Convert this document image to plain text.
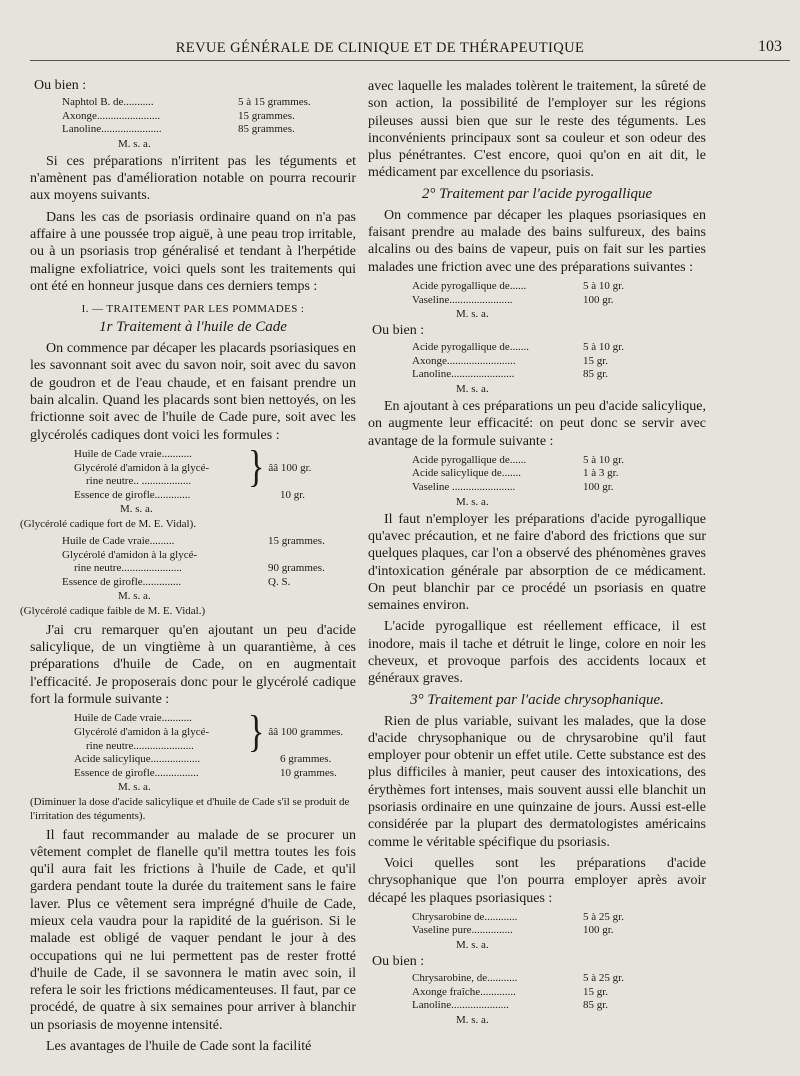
REVUE GÉNÉRALE DE CLINIQUE ET DE THÉRAPEUTIQUE	103
Ou bien :
Naphtol B. de...........	5 à 15 grammes.
Axonge.......................	15 grammes.
Lanoline......................	85 grammes.
M. s. a.

Si ces préparations n'irritent pas les téguments et n'amènent pas d'amélioration notable on pourra recourir aux moyens suivants.

Dans les cas de psoriasis ordinaire quand on n'a pas affaire à une poussée trop aiguë, à une peau trop irritable, ou à un psoriasis trop généralisé et tendant à l'herpétide maligne exfoliatrice, voici quels sont les traitements qui ont été en honneur jusque dans ces derniers temps :

I. — TRAITEMENT PAR LES POMMADES :
1r Traitement à l'huile de Cade

On commence par décaper les placards psoriasiques en les savonnant soit avec du savon noir, soit avec du savon de goudron et de l'eau chaude, et en faisant prendre un bain alcalin. Quand les placards sont bien nettoyés, on les frictionne soit avec de l'huile de Cade pure, soit avec les glycérolés cadiques dont voici les formules :

Huile de Cade vraie...........
Glycérolé d'amidon à la glycé-
rine neutre.. ..................	} ââ 100 gr.
Essence de girofle.............	10 gr.
M. s. a.
(Glycérolé cadique fort de M. E. Vidal).
Huile de Cade vraie.........	15 grammes.
Glycérolé d'amidon à la glycé-
rine neutre......................	90 grammes.
Essence de girofle..............	Q. S.
M. s. a.
(Glycérolé cadique faible de M. E. Vidal.)

J'ai cru remarquer qu'en ajoutant un peu d'acide salicylique, de un vingtième à un quarantième, à ces préparations d'huile de Cade, on en augmentait l'efficacité. Je proposerais donc pour le glycérolé cadique fort la formule suivante :

Huile de Cade vraie...........
Glycérolé d'amidon à la glycé-
rine neutre......................	} ââ 100 grammes.
Acide salicylique..................	6 grammes.
Essence de girofle................	10 grammes.
M. s. a.
(Diminuer la dose d'acide salicylique et d'huile de Cade s'il se produit de l'irritation des téguments).

Il faut recommander au malade de se procurer un vêtement complet de flanelle qu'il mettra toutes les fois qu'il aura fait les frictions à l'huile de Cade, et qu'il gardera pendant toute la durée du traitement sans le faire laver. Plus ce vêtement sera imprégné d'huile de Cade, mieux cela vaudra pour la rapidité de la guérison. Si le malade est obligé de vaquer pendant le jour à des occupations qui ne lui permettent pas de rester frotté d'huile de Cade, il se savonnera le matin avec soin, il refera le soir les frictions médicamenteuses. Il faut, par ce procédé, de quatre à six semaines pour arriver à blanchir un psoriasis de moyenne intensité.

Les avantages de l'huile de Cade sont la facilité

avec laquelle les malades tolèrent le traitement, la sûreté de son action, la possibilité de l'employer sur les régions pileuses aussi bien que sur le reste des téguments. Les inconvénients principaux sont sa couleur et son odeur des plus pénétrantes. C'est encore, quoi qu'on en ait dit, le médicament par excellence du psoriasis.

2° Traitement par l'acide pyrogallique

On commence par décaper les plaques psoriasiques en faisant prendre au malade des bains sulfureux, des bains alcalins ou des bains de vapeur, puis on fait sur les parties malades une friction avec une des préparations suivantes :

Acide pyrogallique de......	5 à 10 gr.
Vaseline.......................	100 gr.
M. s. a.
Ou bien :
Acide pyrogallique de.......	5 à 10 gr.
Axonge.........................	15 gr.
Lanoline.......................	85 gr.
M. s. a.

En ajoutant à ces préparations un peu d'acide salicylique, on augmente leur efficacité: on peut donc se servir avec avantage de la formule suivante :

Acide pyrogallique de......	5 à 10 gr.
Acide salicylique de.......	1 à 3 gr.
Vaseline .......................	100 gr.
M. s. a.

Il faut n'employer les préparations d'acide pyrogallique qu'avec précaution, et ne faire d'abord des frictions que sur quelques plaques, car l'on a observé des phénomènes graves d'intoxication générale par absorption de ce médicament. On peut blanchir par ce procédé un psoriasis en quatre semaines environ.

L'acide pyrogallique est réellement efficace, il est inodore, mais il tache et détruit le linge, colore en noir les cheveux, et provoque parfois des accidents locaux et généraux graves.

3° Traitement par l'acide chrysophanique.

Rien de plus variable, suivant les malades, que la dose d'acide chrysophanique ou de chrysarobine qu'il faut employer pour obtenir un effet utile. Cette substance est des plus difficiles à manier, peut causer des intoxications, des érythèmes fort intenses, mais souvent aussi elle blanchit un psoriasis ordinaire en une quinzaine de jours. Aussi est-elle considérée par la plupart des dermatologistes américains comme le véritable spécifique du psoriasis.

Voici quelles sont les préparations d'acide chrysophanique que l'on pourra employer après avoir décapé les plaques psoriasiques :

Chrysarobine de............	5 à 25 gr.
Vaseline pure...............	100 gr.
M. s. a.
Ou bien :
Chrysarobine, de...........	5 à 25 gr.
Axonge fraîche.............	15 gr.
Lanoline.....................	85 gr.
M. s. a.
